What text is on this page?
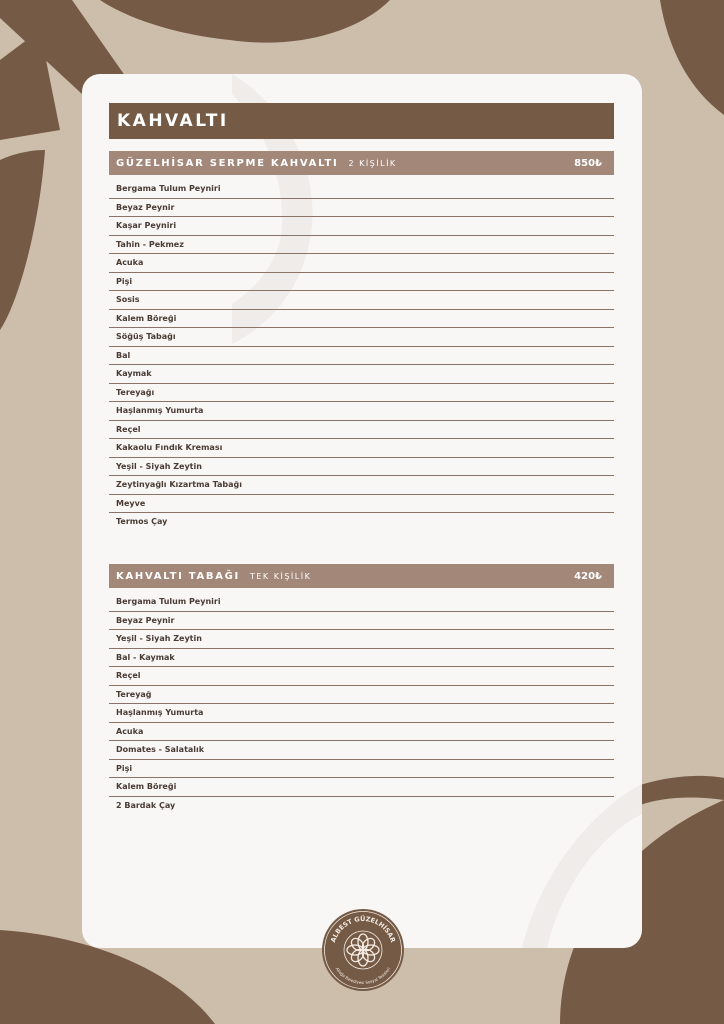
KAHVALTI
GÜZELHİSAR SERPME KAHVALTI 2 KİŞİLİK	850₺
Bergama Tulum Peyniri
Beyaz Peynir
Kaşar Peyniri
Tahin - Pekmez
Acuka
Pişi
Sosis
Kalem Böreği
Söğüş Tabağı
Bal
Kaymak
Tereyağı
Haşlanmış Yumurta
Reçel
Kakaolu Fındık Kreması
Yeşil - Siyah Zeytin
Zeytinyağlı Kızartma Tabağı
Meyve
Termos Çay
KAHVALTI TABAĞI TEK KİŞİLİK	420₺
Bergama Tulum Peyniri
Beyaz Peynir
Yeşil - Siyah Zeytin
Bal - Kaymak
Reçel
Tereyağ
Haşlanmış Yumurta
Acuka
Domates - Salatalık
Pişi
Kalem Böreği
2 Bardak Çay
ALBEST GÜZELHİSAR
Aliağa Belediyesi Sosyal Tesisleri
